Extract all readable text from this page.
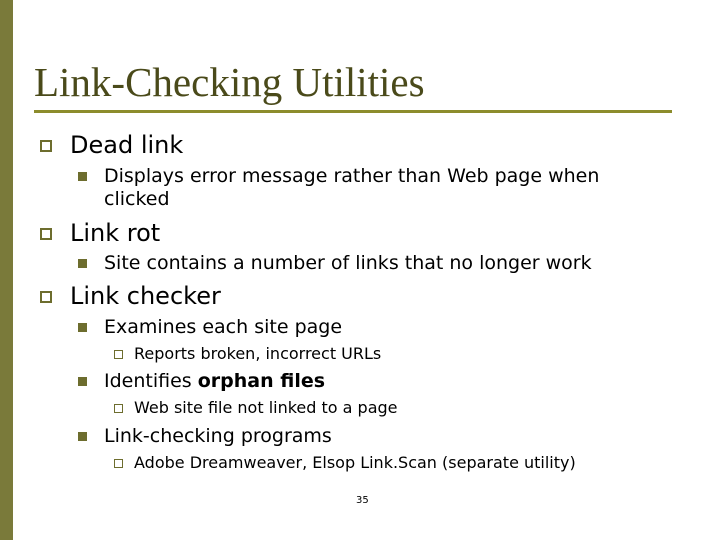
Link-Checking Utilities
Dead link
Displays error message rather than Web page when
clicked
Link rot
Site contains a number of links that no longer work
Link checker
Examines each site page
Reports broken, incorrect URLs
Identifies orphan files
Web site file not linked to a page
Link-checking programs
Adobe Dreamweaver, Elsop Link.Scan (separate utility)
35
